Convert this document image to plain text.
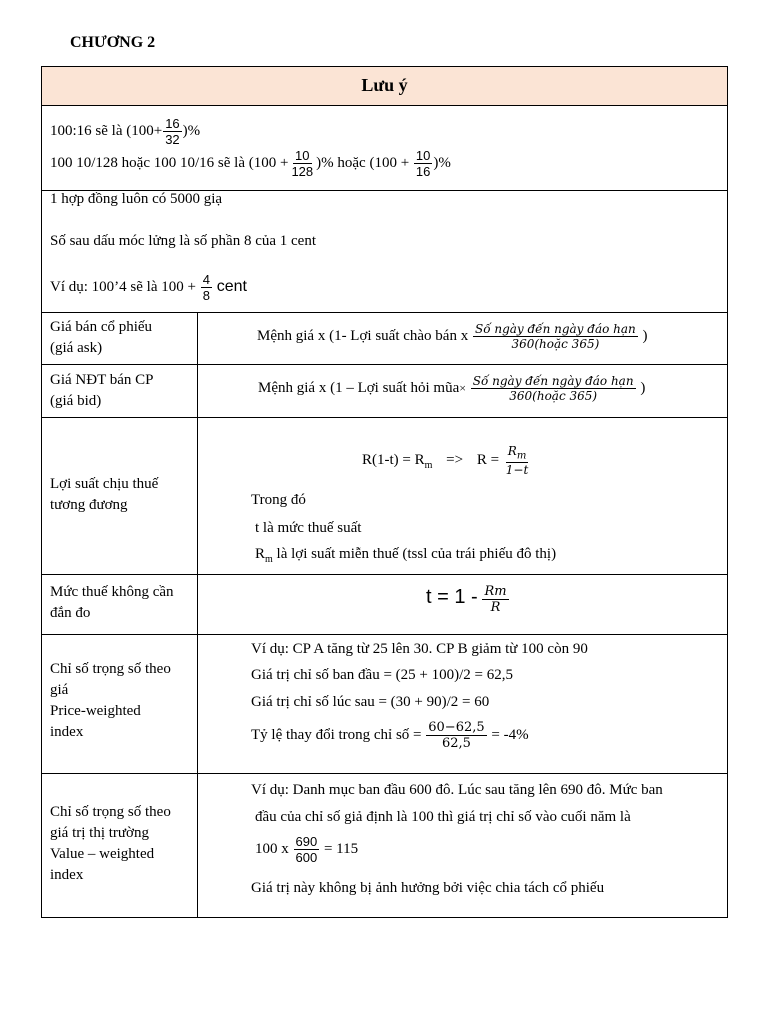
CHƯƠNG 2
Lưu ý
100:16 sẽ là ($100+ \frac{16}{32}$ )%
100 10/128 hoặc 100 10/16 sẽ là ($100 + \frac{10}{128}$ )% hoặc ($100 + \frac{10}{16}$ )%
1 hợp đồng luôn có 5000 giạ
Số sau dấu móc lửng là số phần 8 của 1 cent
Ví dụ: 100’4 sẽ là $100 + \frac{4}{8}$ cent
Giá bán cổ phiếu
(giá ask)
Mệnh giá x (1- Lợi suất chào bán x $\frac{\text{Số ngày đến ngày đáo hạn}}{\text{360(hoặc 365)}}$ )
Giá NĐT bán CP
(giá bid)
Mệnh giá x (1 – Lợi suất hỏi mũa× $\frac{\text{Số ngày đến ngày đáo hạn}}{\text{360(hoặc 365)}}$ )
Lợi suất chịu thuế
tương đương
$R(1-t) = R_m => R = \frac{R_m}{1-t}$
Trong đó
t là mức thuế suất
$R_m$ là lợi suất miễn thuế (tssl của trái phiếu đô thị)
Mức thuế không cần
đắn đo
$t = 1 - \frac{Rm}{R}$
Chỉ số trọng số theo
giá
Price-weighted
index
Ví dụ: CP A tăng từ 25 lên 30. CP B giảm từ 100 còn 90
Giá trị chỉ số ban đầu = (25 + 100)/2 = 62,5
Giá trị chỉ số lúc sau = (30 + 90)/2 = 60
Tỷ lệ thay đổi trong chỉ số = $\frac{60-62,5}{62,5} = -4\%$
Chỉ số trọng số theo
giá trị thị trường
Value – weighted
index
Ví dụ: Danh mục ban đầu 600 đô. Lúc sau tăng lên 690 đô. Mức ban
đầu của chỉ số giả định là 100 thì giá trị chỉ số vào cuối năm là
100 x $\frac{690}{600} = 115$
Giá trị này không bị ảnh hưởng bởi việc chia tách cổ phiếu
